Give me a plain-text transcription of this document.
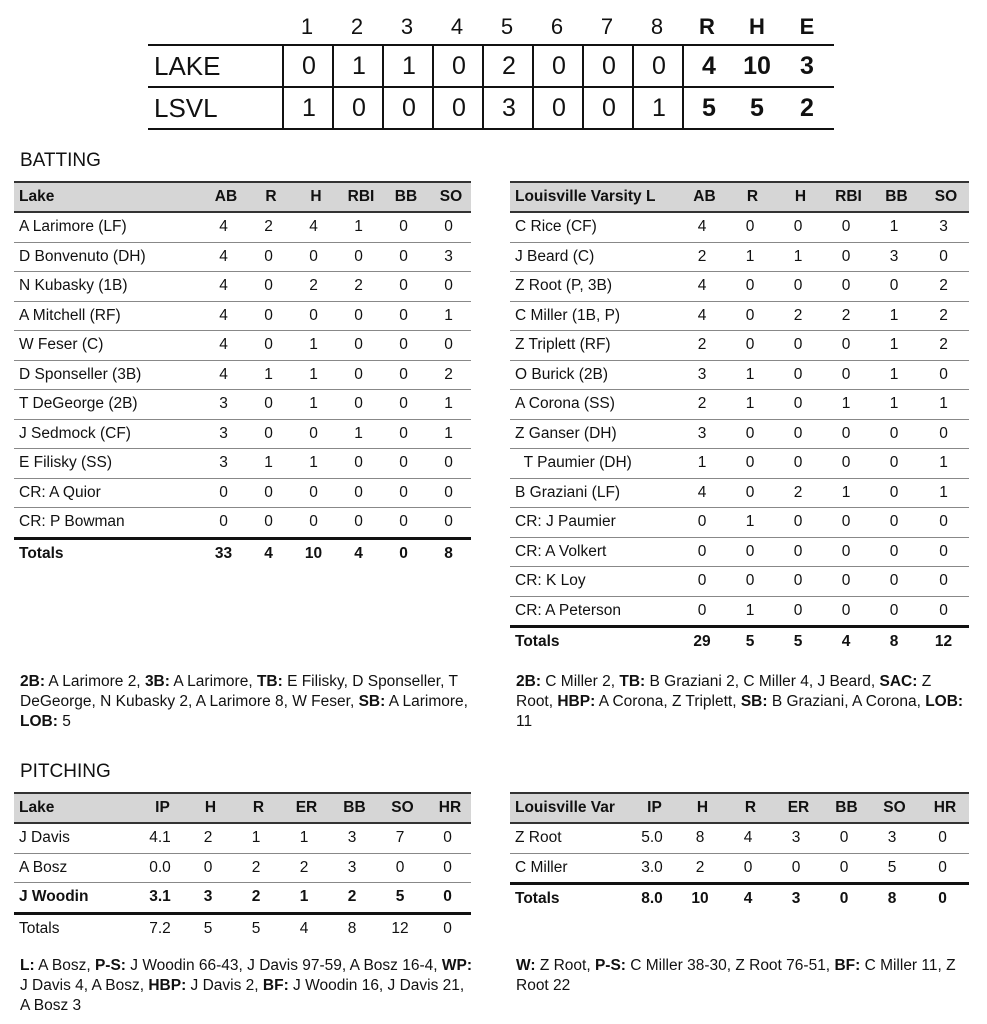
1	2	3	4	5	6	7	8	R	H	E
LAKE	0	1	1	0	2	0	0	0	4	10	3
LSVL	1	0	0	0	3	0	0	1	5	5	2
BATTING
Lake	AB	R	H	RBI	BB	SO
A Larimore (LF)	4	2	4	1	0	0
D Bonvenuto (DH)	4	0	0	0	0	3
N Kubasky (1B)	4	0	2	2	0	0
A Mitchell (RF)	4	0	0	0	0	1
W Feser (C)	4	0	1	0	0	0
D Sponseller (3B)	4	1	1	0	0	2
T DeGeorge (2B)	3	0	1	0	0	1
J Sedmock (CF)	3	0	0	1	0	1
E Filisky (SS)	3	1	1	0	0	0
CR: A Quior	0	0	0	0	0	0
CR: P Bowman	0	0	0	0	0	0
Totals	33	4	10	4	0	8
Louisville Varsity L	AB	R	H	RBI	BB	SO
C Rice (CF)	4	0	0	0	1	3
J Beard (C)	2	1	1	0	3	0
Z Root (P, 3B)	4	0	0	0	0	2
C Miller (1B, P)	4	0	2	2	1	2
Z Triplett (RF)	2	0	0	0	1	2
O Burick (2B)	3	1	0	0	1	0
A Corona (SS)	2	1	0	1	1	1
Z Ganser (DH)	3	0	0	0	0	0
T Paumier (DH)	1	0	0	0	0	1
B Graziani (LF)	4	0	2	1	0	1
CR: J Paumier	0	1	0	0	0	0
CR: A Volkert	0	0	0	0	0	0
CR: K Loy	0	0	0	0	0	0
CR: A Peterson	0	1	0	0	0	0
Totals	29	5	5	4	8	12
2B: A Larimore 2, 3B: A Larimore, TB: E Filisky, D Sponseller, T DeGeorge, N Kubasky 2, A Larimore 8, W Feser, SB: A Larimore, LOB: 5
2B: C Miller 2, TB: B Graziani 2, C Miller 4, J Beard, SAC: Z Root, HBP: A Corona, Z Triplett, SB: B Graziani, A Corona, LOB: 11
PITCHING
Lake	IP	H	R	ER	BB	SO	HR
J Davis	4.1	2	1	1	3	7	0
A Bosz	0.0	0	2	2	3	0	0
J Woodin	3.1	3	2	1	2	5	0
Totals	7.2	5	5	4	8	12	0
Louisville Var	IP	H	R	ER	BB	SO	HR
Z Root	5.0	8	4	3	0	3	0
C Miller	3.0	2	0	0	0	5	0
Totals	8.0	10	4	3	0	8	0
L: A Bosz, P-S: J Woodin 66-43, J Davis 97-59, A Bosz 16-4, WP: J Davis 4, A Bosz, HBP: J Davis 2, BF: J Woodin 16, J Davis 21, A Bosz 3
W: Z Root, P-S: C Miller 38-30, Z Root 76-51, BF: C Miller 11, Z Root 22
